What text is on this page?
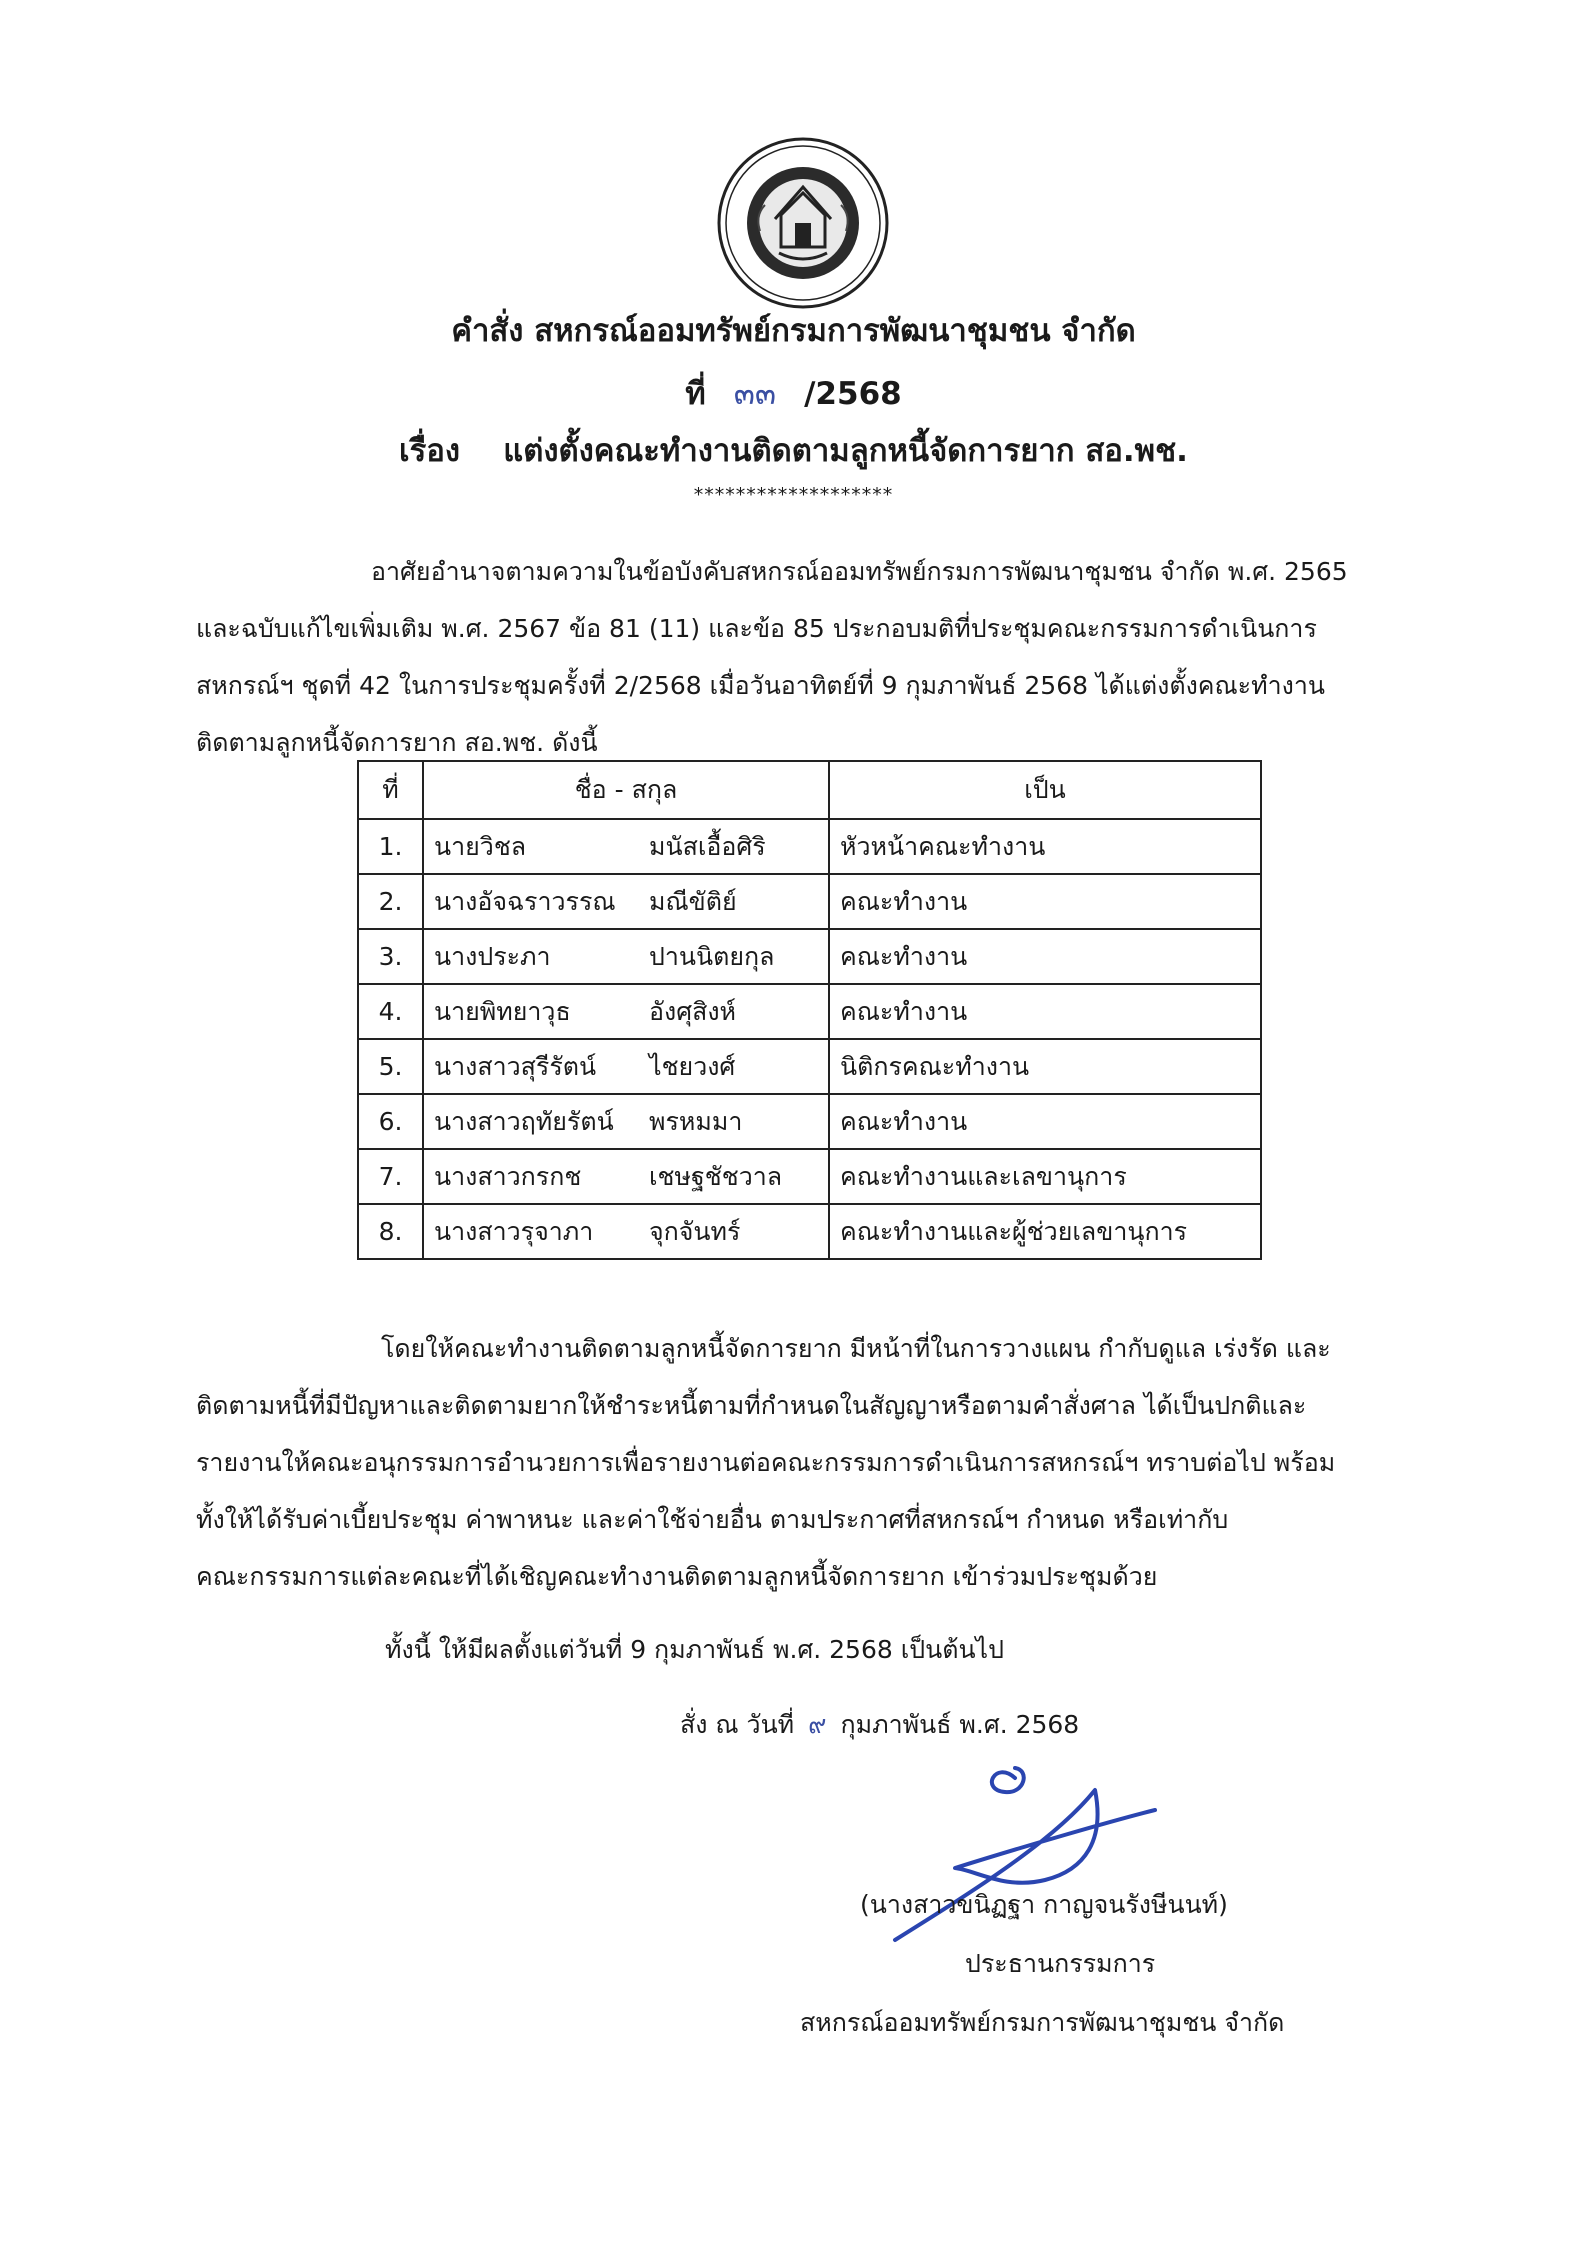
คำสั่ง สหกรณ์ออมทรัพย์กรมการพัฒนาชุมชน จำกัด
ที่ ๓๓ /2568
เรื่อง แต่งตั้งคณะทำงานติดตามลูกหนี้จัดการยาก สอ.พช.
*******************
อาศัยอำนาจตามความในข้อบังคับสหกรณ์ออมทรัพย์กรมการพัฒนาชุมชน จำกัด พ.ศ. 2565
และฉบับแก้ไขเพิ่มเติม พ.ศ. 2567 ข้อ 81 (11) และข้อ 85 ประกอบมติที่ประชุมคณะกรรมการดำเนินการ
สหกรณ์ฯ ชุดที่ 42 ในการประชุมครั้งที่ 2/2568 เมื่อวันอาทิตย์ที่ 9 กุมภาพันธ์ 2568 ได้แต่งตั้งคณะทำงาน
ติดตามลูกหนี้จัดการยาก สอ.พช. ดังนี้
ที่	ชื่อ - สกุล	เป็น
1.	นายวิชล มนัสเอื้อศิริ	หัวหน้าคณะทำงาน
2.	นางอัจฉราวรรณ มณีขัติย์	คณะทำงาน
3.	นางประภา ปานนิตยกุล	คณะทำงาน
4.	นายพิทยาวุธ อังศุสิงห์	คณะทำงาน
5.	นางสาวสุรีรัตน์ ไชยวงศ์	นิติกรคณะทำงาน
6.	นางสาวฤทัยรัตน์ พรหมมา	คณะทำงาน
7.	นางสาวกรกช เชษฐชัชวาล	คณะทำงานและเลขานุการ
8.	นางสาวรุจาภา จุกจันทร์	คณะทำงานและผู้ช่วยเลขานุการ
โดยให้คณะทำงานติดตามลูกหนี้จัดการยาก มีหน้าที่ในการวางแผน กำกับดูแล เร่งรัด และ
ติดตามหนี้ที่มีปัญหาและติดตามยากให้ชำระหนี้ตามที่กำหนดในสัญญาหรือตามคำสั่งศาล ได้เป็นปกติและ
รายงานให้คณะอนุกรรมการอำนวยการเพื่อรายงานต่อคณะกรรมการดำเนินการสหกรณ์ฯ ทราบต่อไป พร้อม
ทั้งให้ได้รับค่าเบี้ยประชุม ค่าพาหนะ และค่าใช้จ่ายอื่น ตามประกาศที่สหกรณ์ฯ กำหนด หรือเท่ากับ
คณะกรรมการแต่ละคณะที่ได้เชิญคณะทำงานติดตามลูกหนี้จัดการยาก เข้าร่วมประชุมด้วย
ทั้งนี้ ให้มีผลตั้งแต่วันที่ 9 กุมภาพันธ์ พ.ศ. 2568 เป็นต้นไป
สั่ง ณ วันที่ ๙ กุมภาพันธ์ พ.ศ. 2568
(นางสาวขนิฏฐา กาญจนรังษีนนท์)
ประธานกรรมการ
สหกรณ์ออมทรัพย์กรมการพัฒนาชุมชน จำกัด
